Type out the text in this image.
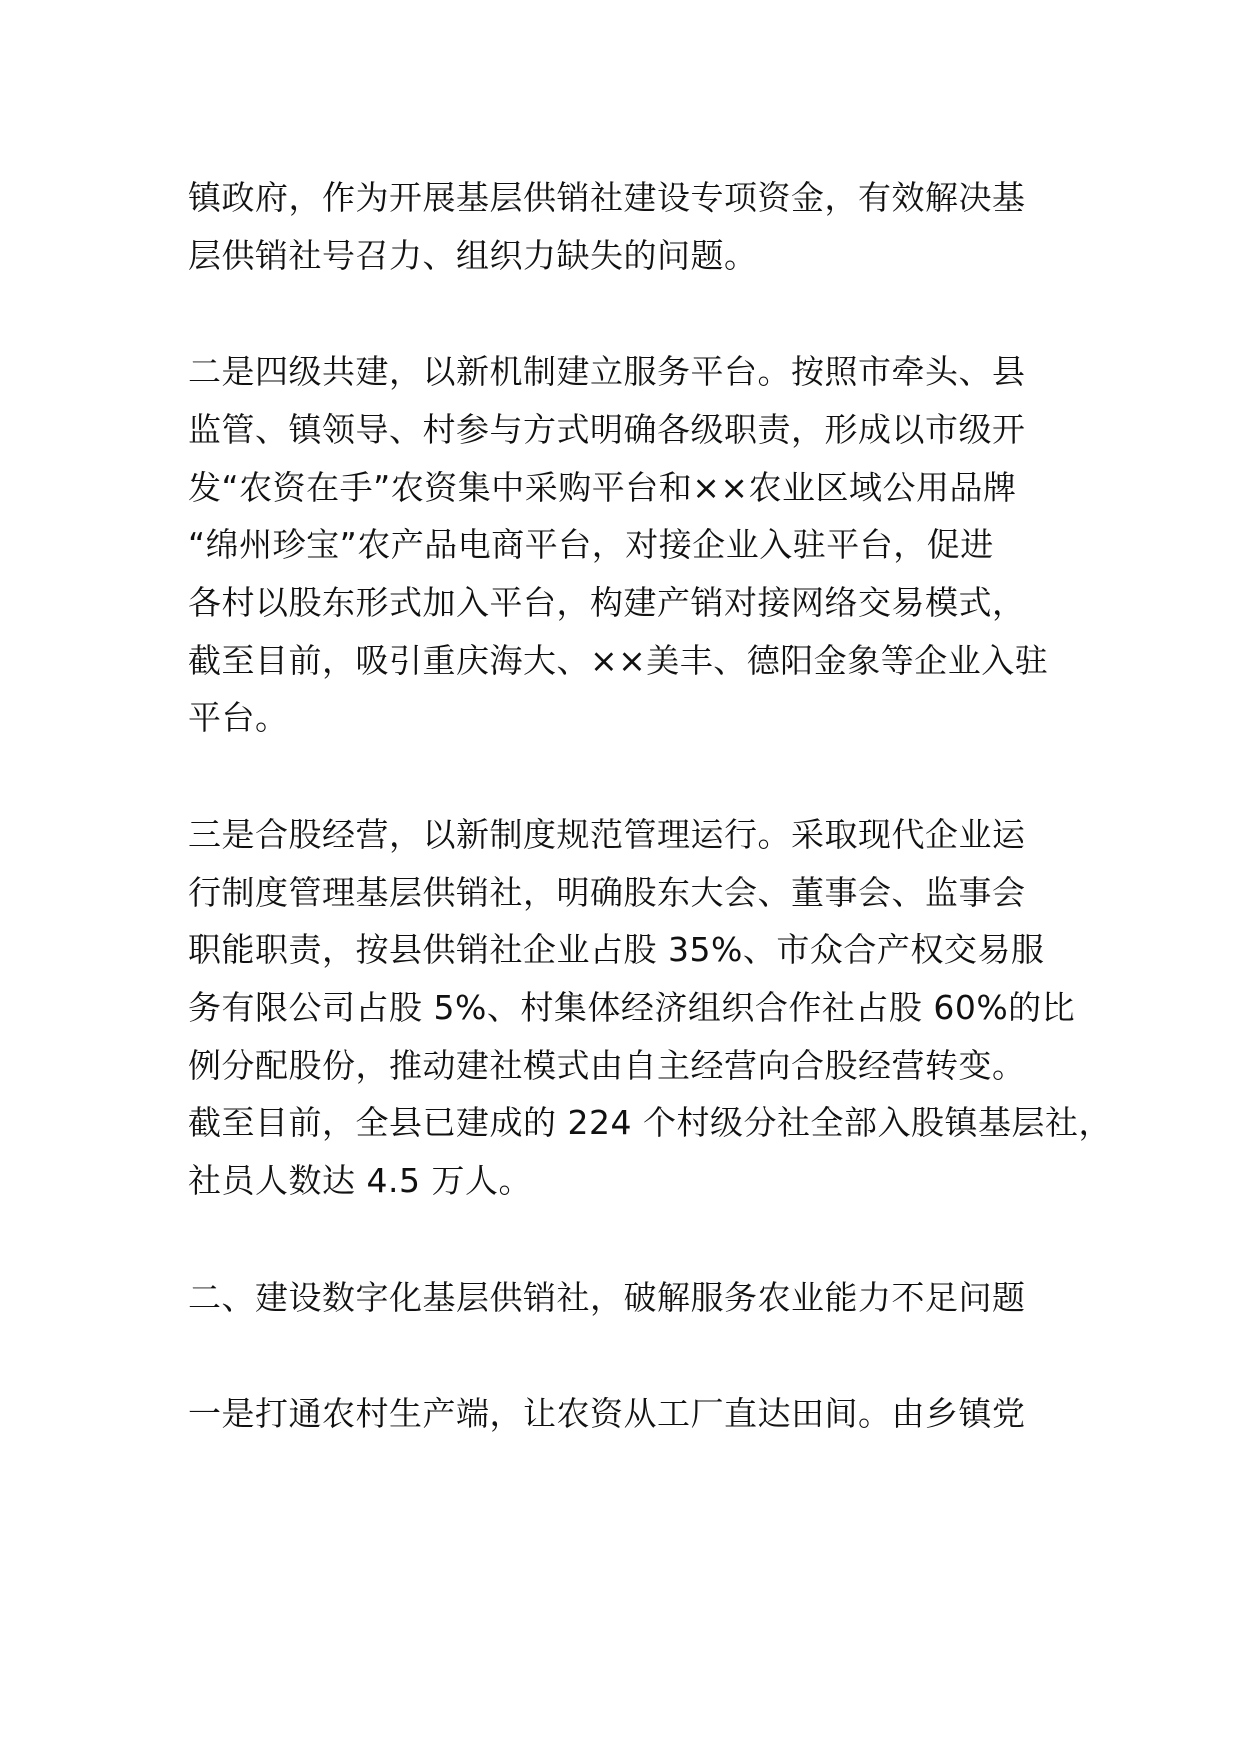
镇政府，作为开展基层供销社建设专项资金，有效解决基
层供销社号召力、组织力缺失的问题。
二是四级共建，以新机制建立服务平台。按照市牵头、县
监管、镇领导、村参与方式明确各级职责，形成以市级开
发“农资在手”农资集中采购平台和××农业区域公用品牌
“绵州珍宝”农产品电商平台，对接企业入驻平台，促进
各村以股东形式加入平台，构建产销对接网络交易模式，
截至目前，吸引重庆海大、××美丰、德阳金象等企业入驻
平台。
三是合股经营，以新制度规范管理运行。采取现代企业运
行制度管理基层供销社，明确股东大会、董事会、监事会
职能职责，按县供销社企业占股 35%、市众合产权交易服
务有限公司占股 5%、村集体经济组织合作社占股 60%的比
例分配股份，推动建社模式由自主经营向合股经营转变。
截至目前，全县已建成的 224 个村级分社全部入股镇基层社，
社员人数达 4.5 万人。
二、建设数字化基层供销社，破解服务农业能力不足问题
一是打通农村生产端，让农资从工厂直达田间。由乡镇党
